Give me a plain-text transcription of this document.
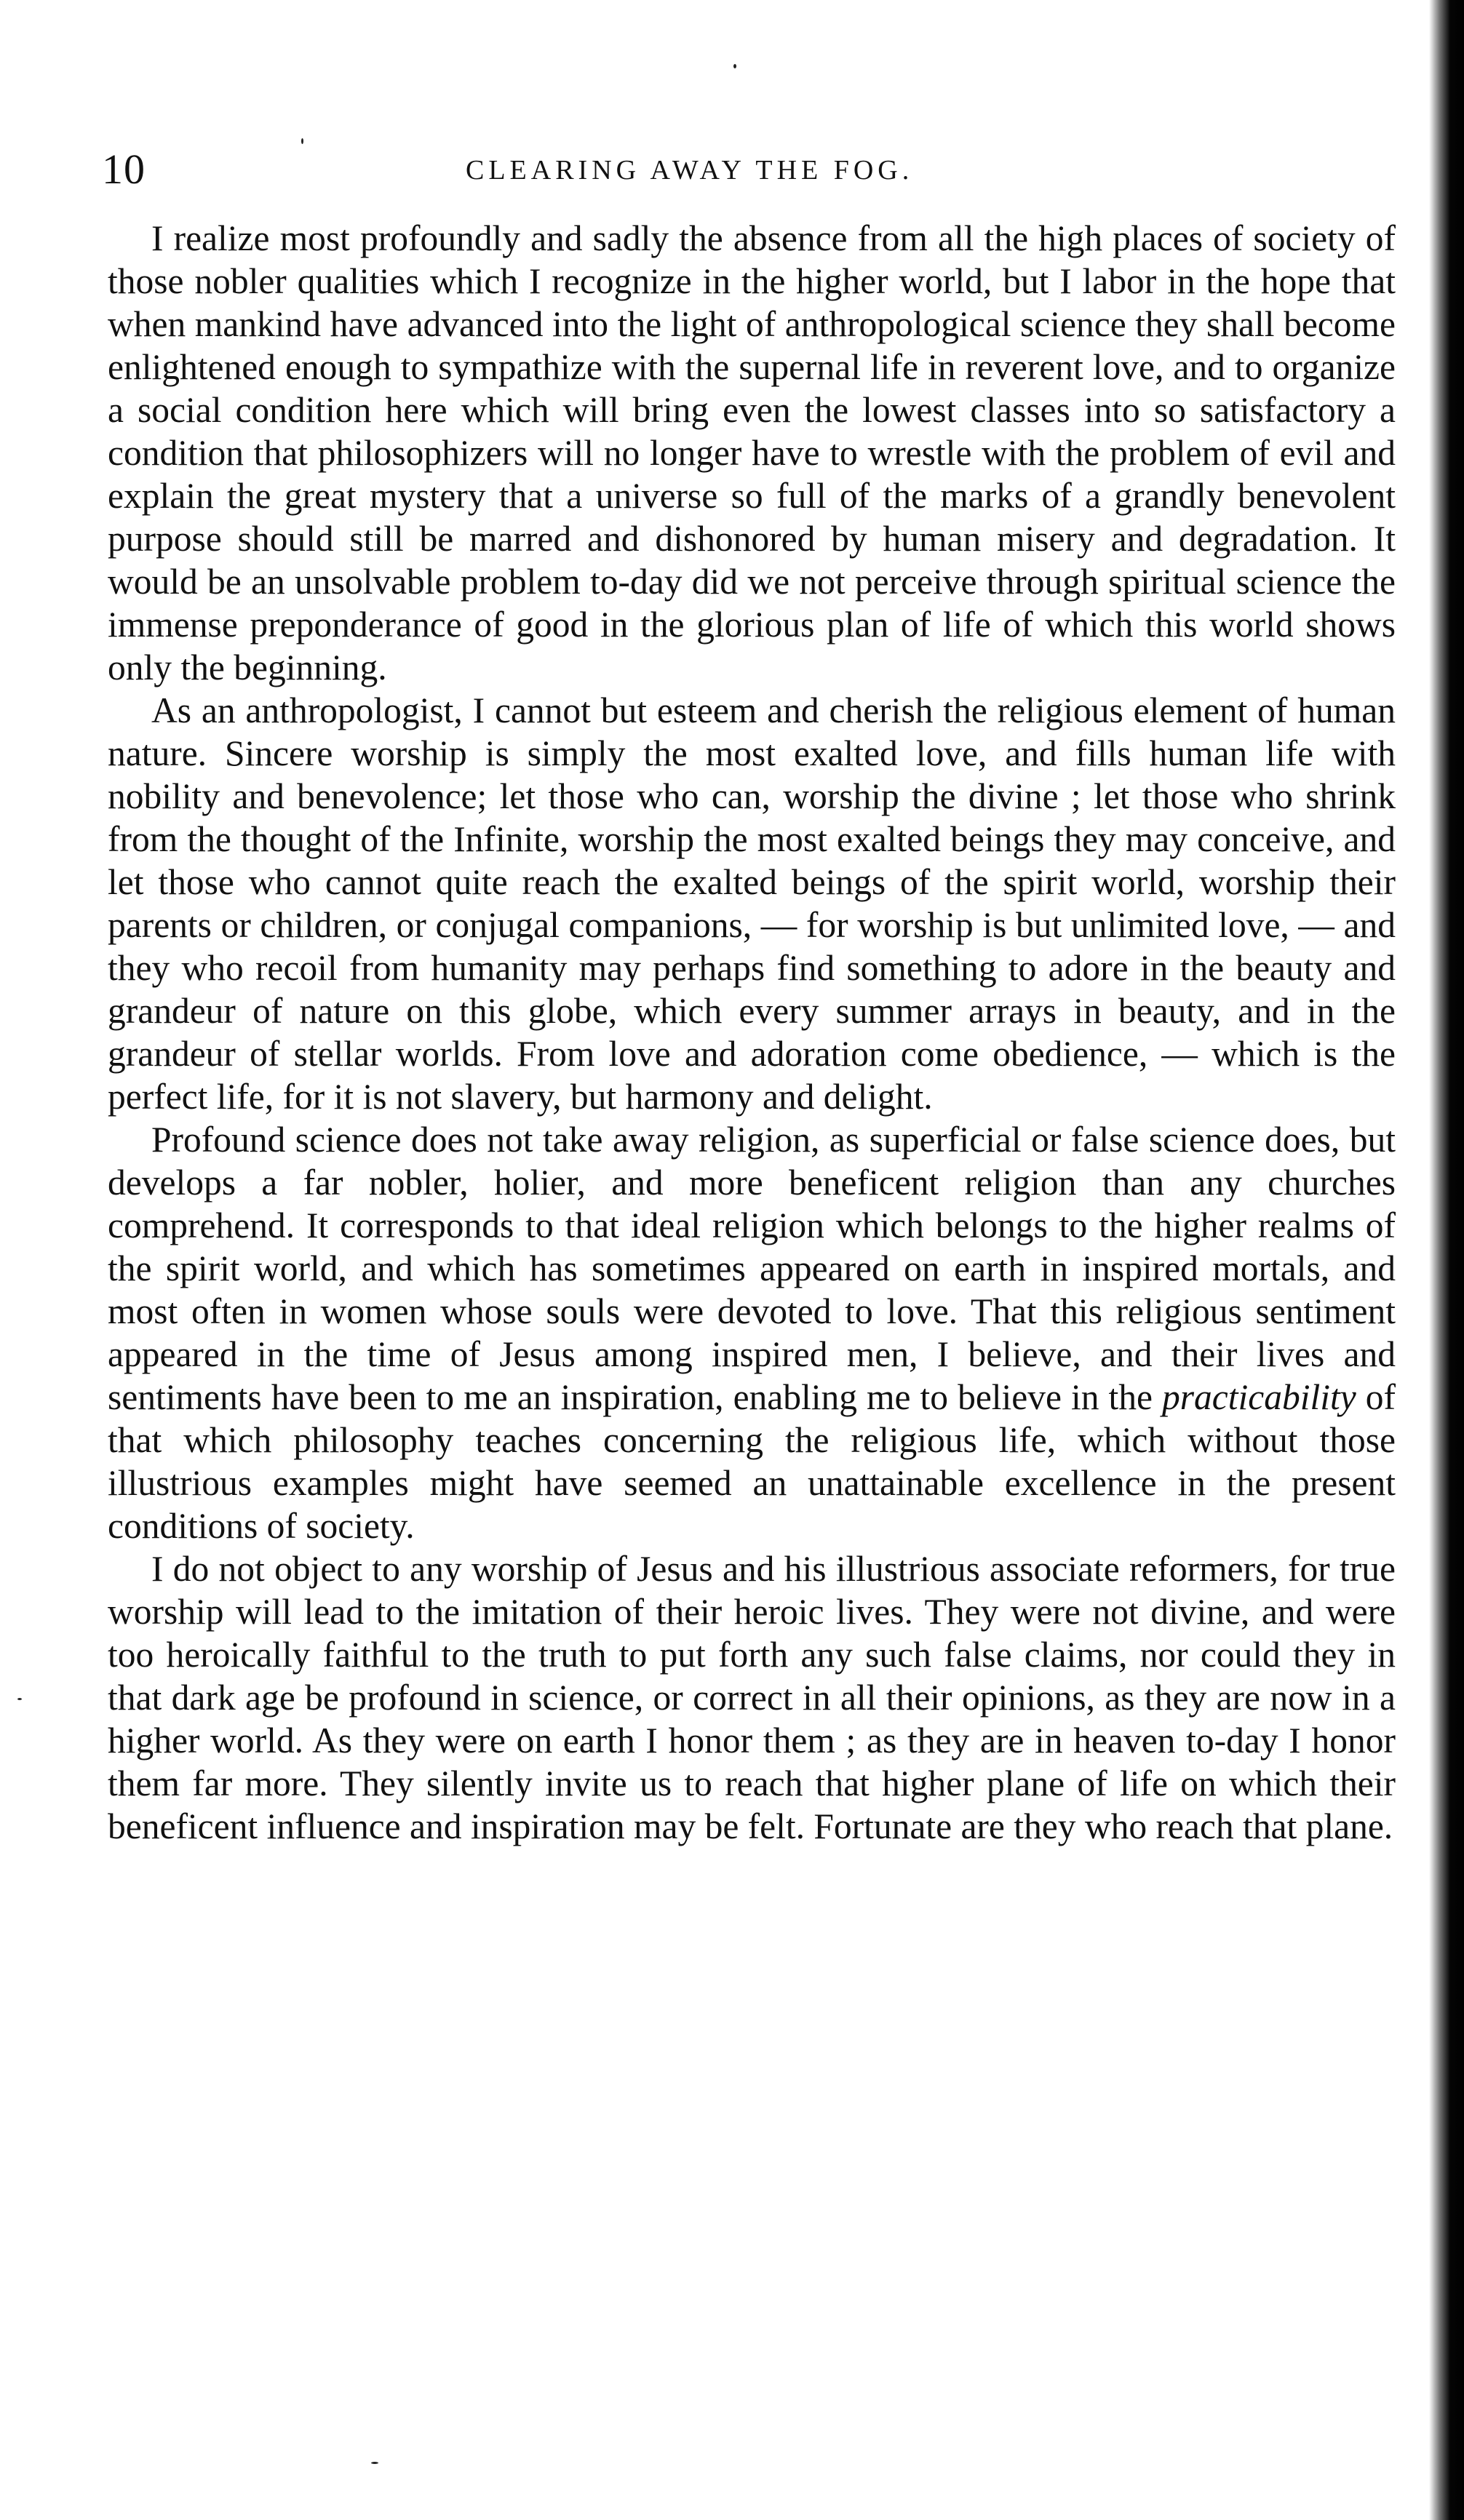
10	CLEARING AWAY THE FOG.

I realize most profoundly and sadly the absence from all the high places of society of those nobler qualities which I recognize in the higher world, but I labor in the hope that when mankind have advanced into the light of anthropological science they shall become enlightened enough to sympathize with the supernal life in reverent love, and to organize a social condition here which will bring even the lowest classes into so satisfactory a condition that philosophizers will no longer have to wrestle with the problem of evil and explain the great mystery that a universe so full of the marks of a grandly benevolent purpose should still be marred and dishonored by human misery and degradation. It would be an unsolvable problem to-day did we not perceive through spiritual science the immense preponderance of good in the glorious plan of life of which this world shows only the beginning.

As an anthropologist, I cannot but esteem and cherish the religious element of human nature. Sincere worship is simply the most exalted love, and fills human life with nobility and benevolence; let those who can, worship the divine ; let those who shrink from the thought of the Infinite, worship the most exalted beings they may conceive, and let those who cannot quite reach the exalted beings of the spirit world, worship their parents or children, or conjugal companions, — for worship is but unlimited love, — and they who recoil from humanity may perhaps find something to adore in the beauty and grandeur of nature on this globe, which every summer arrays in beauty, and in the grandeur of stellar worlds. From love and adoration come obedience, — which is the perfect life, for it is not slavery, but harmony and delight.

Profound science does not take away religion, as superficial or false science does, but develops a far nobler, holier, and more beneficent religion than any churches comprehend. It corresponds to that ideal religion which belongs to the higher realms of the spirit world, and which has sometimes appeared on earth in inspired mortals, and most often in women whose souls were devoted to love. That this religious sentiment appeared in the time of Jesus among inspired men, I believe, and their lives and sentiments have been to me an inspiration, enabling me to believe in the practicability of that which philosophy teaches concerning the religious life, which without those illustrious examples might have seemed an unattainable excellence in the present conditions of society.

I do not object to any worship of Jesus and his illustrious associate reformers, for true worship will lead to the imitation of their heroic lives. They were not divine, and were too heroically faithful to the truth to put forth any such false claims, nor could they in that dark age be profound in science, or correct in all their opinions, as they are now in a higher world. As they were on earth I honor them ; as they are in heaven to-day I honor them far more. They silently invite us to reach that higher plane of life on which their beneficent influence and inspiration may be felt. Fortunate are they who reach that plane.
